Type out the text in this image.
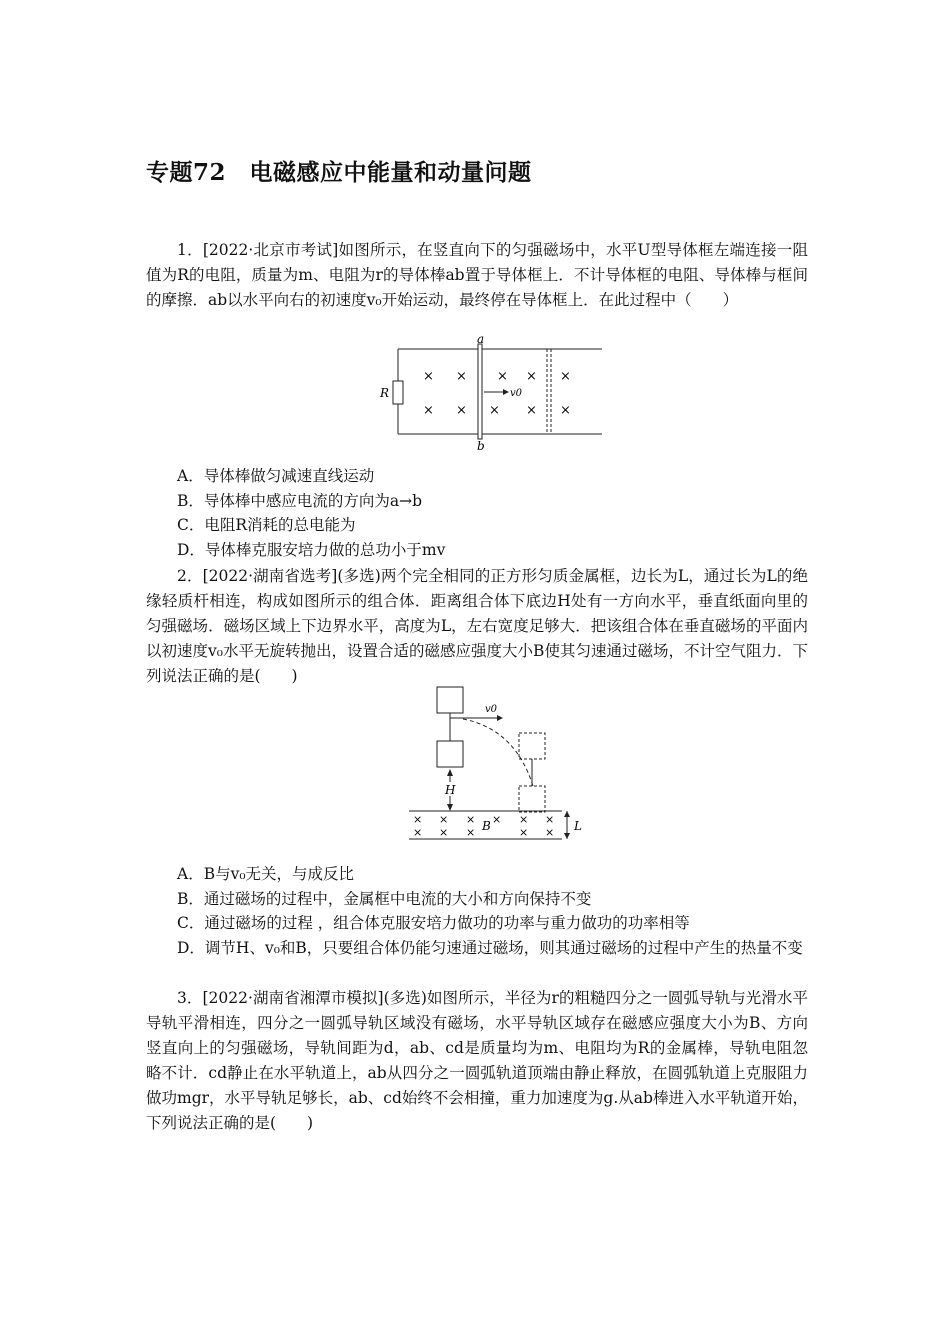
专题72　电磁感应中能量和动量问题

1．[2022·北京市考试]如图所示，在竖直向下的匀强磁场中，水平U型导体框左端连接一阻值为R的电阻，质量为m、电阻为r的导体棒ab置于导体框上．不计导体框的电阻、导体棒与框间的摩擦．ab以水平向右的初速度v₀开始运动，最终停在导体框上．在此过程中（　　）

R
a
b
v0
× × × × ×
× × × × ×
A．导体棒做匀减速直线运动
B．导体棒中感应电流的方向为a→b
C．电阻R消耗的总电能为
D．导体棒克服安培力做的总功小于mv

2．[2022·湖南省选考](多选)两个完全相同的正方形匀质金属框，边长为L，通过长为L的绝缘轻质杆相连，构成如图所示的组合体．距离组合体下底边H处有一方向水平，垂直纸面向里的匀强磁场．磁场区域上下边界水平，高度为L，左右宽度足够大．把该组合体在垂直磁场的平面内以初速度v₀水平无旋转抛出，设置合适的磁感应强度大小B使其匀速通过磁场，不计空气阻力．下列说法正确的是(　　)

v0
H
× × × × × ×
× × ×	× ×
B	L
A．B与v₀无关，与成反比
B．通过磁场的过程中，金属框中电流的大小和方向保持不变
C．通过磁场的过程 ，组合体克服安培力做功的功率与重力做功的功率相等
D．调节H、v₀和B，只要组合体仍能匀速通过磁场，则其通过磁场的过程中产生的热量不变

3．[2022·湖南省湘潭市模拟](多选)如图所示，半径为r的粗糙四分之一圆弧导轨与光滑水平导轨平滑相连，四分之一圆弧导轨区域没有磁场，水平导轨区域存在磁感应强度大小为B、方向竖直向上的匀强磁场，导轨间距为d，ab、cd是质量均为m、电阻均为R的金属棒，导轨电阻忽略不计．cd静止在水平轨道上，ab从四分之一圆弧轨道顶端由静止释放，在圆弧轨道上克服阻力做功mgr，水平导轨足够长，ab、cd始终不会相撞，重力加速度为g.从ab棒进入水平轨道开始，下列说法正确的是(　　)
